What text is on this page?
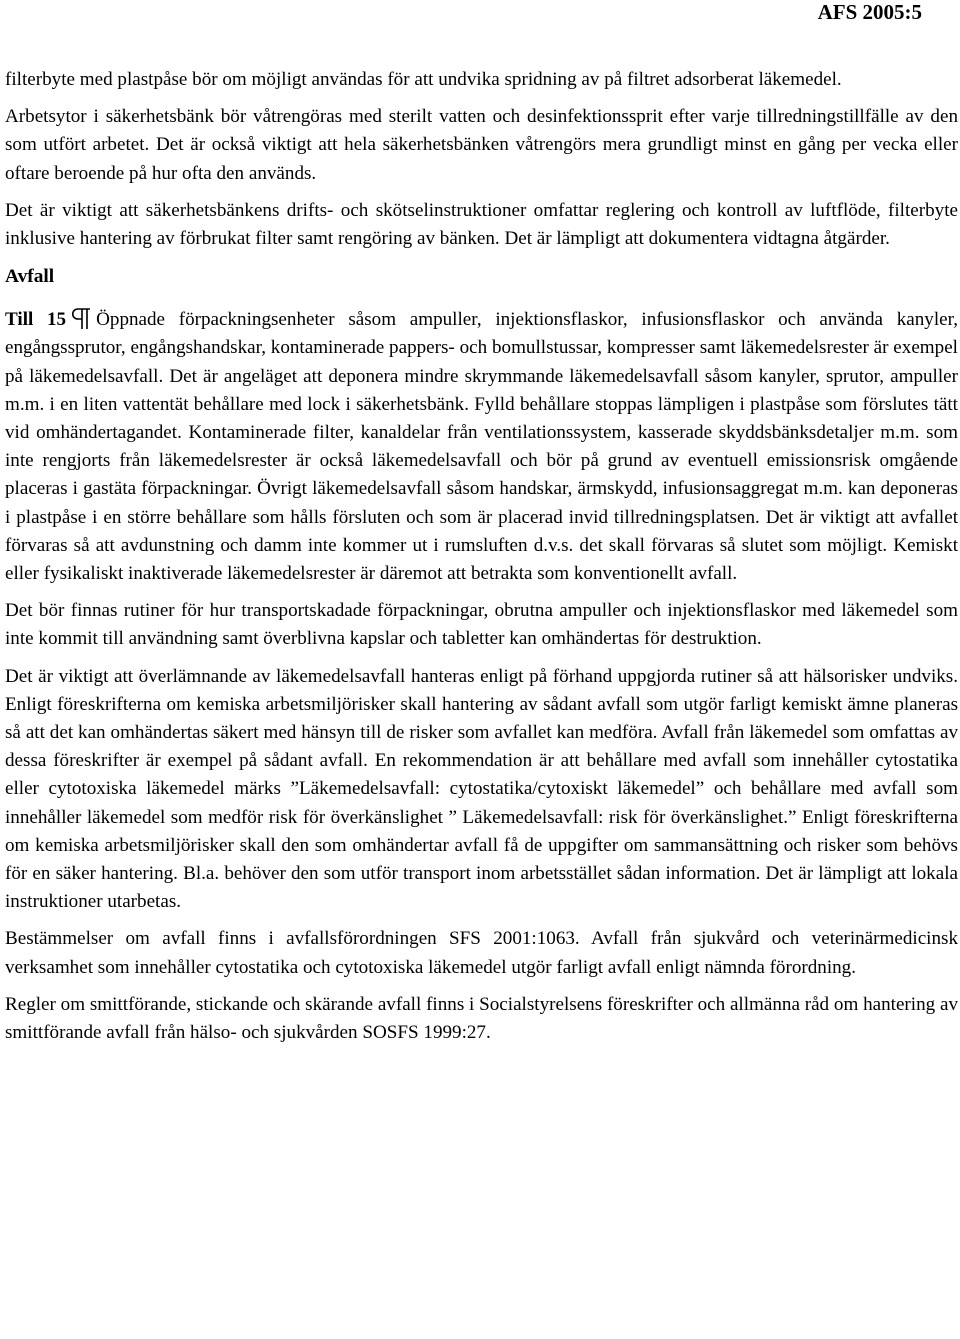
AFS 2005:5

filterbyte med plastpåse bör om möjligt användas för att undvika spridning av på filtret adsorberat läkemedel.

Arbetsytor i säkerhetsbänk bör våtrengöras med sterilt vatten och desinfektionssprit efter varje tillredningstillfälle av den som utfört arbetet. Det är också viktigt att hela säkerhetsbänken våtrengörs mera grundligt minst en gång per vecka eller oftare beroende på hur ofta den används.

Det är viktigt att säkerhetsbänkens drifts- och skötselinstruktioner omfattar reglering och kontroll av luftflöde, filterbyte inklusive hantering av förbrukat filter samt rengöring av bänken. Det är lämpligt att dokumentera vidtagna åtgärder.

Avfall

Till 15 Öppnade förpackningsenheter såsom ampuller, injektionsflaskor, infusionsflaskor och använda kanyler, engångssprutor, engångshandskar, kontaminerade pappers- och bomullstussar, kompresser samt läkemedelsrester är exempel på läkemedelsavfall. Det är angeläget att deponera mindre skrymmande läkemedelsavfall såsom kanyler, sprutor, ampuller m.m. i en liten vattentät behållare med lock i säkerhetsbänk. Fylld behållare stoppas lämpligen i plastpåse som förslutes tätt vid omhändertagandet. Kontaminerade filter, kanaldelar från ventilationssystem, kasserade skyddsbänksdetaljer m.m. som inte rengjorts från läkemedelsrester är också läkemedelsavfall och bör på grund av eventuell emissionsrisk omgående placeras i gastäta förpackningar. Övrigt läkemedelsavfall såsom handskar, ärmskydd, infusionsaggregat m.m. kan deponeras i plastpåse i en större behållare som hålls försluten och som är placerad invid tillredningsplatsen. Det är viktigt att avfallet förvaras så att avdunstning och damm inte kommer ut i rumsluften d.v.s. det skall förvaras så slutet som möjligt. Kemiskt eller fysikaliskt inaktiverade läkemedelsrester är däremot att betrakta som konventionellt avfall.

Det bör finnas rutiner för hur transportskadade förpackningar, obrutna ampuller och injektionsflaskor med läkemedel som inte kommit till användning samt överblivna kapslar och tabletter kan omhändertas för destruktion.

Det är viktigt att överlämnande av läkemedelsavfall hanteras enligt på förhand uppgjorda rutiner så att hälsorisker undviks. Enligt föreskrifterna om kemiska arbetsmiljörisker skall hantering av sådant avfall som utgör farligt kemiskt ämne planeras så att det kan omhändertas säkert med hänsyn till de risker som avfallet kan medföra. Avfall från läkemedel som omfattas av dessa föreskrifter är exempel på sådant avfall. En rekommendation är att behållare med avfall som innehåller cytostatika eller cytotoxiska läkemedel märks ”Läkemedelsavfall: cytostatika/cytoxiskt läkemedel” och behållare med avfall som innehåller läkemedel som medför risk för överkänslighet ” Läkemedelsavfall: risk för överkänslighet.” Enligt föreskrifterna om kemiska arbetsmiljörisker skall den som omhändertar avfall få de uppgifter om sammansättning och risker som behövs för en säker hantering. Bl.a. behöver den som utför transport inom arbetsstället sådan information. Det är lämpligt att lokala instruktioner utarbetas.

Bestämmelser om avfall finns i avfallsförordningen SFS 2001:1063. Avfall från sjukvård och veterinärmedicinsk verksamhet som innehåller cytostatika och cytotoxiska läkemedel utgör farligt avfall enligt nämnda förordning.

Regler om smittförande, stickande och skärande avfall finns i Socialstyrelsens föreskrifter och allmänna råd om hantering av smittförande avfall från hälso- och sjukvården SOSFS 1999:27.
